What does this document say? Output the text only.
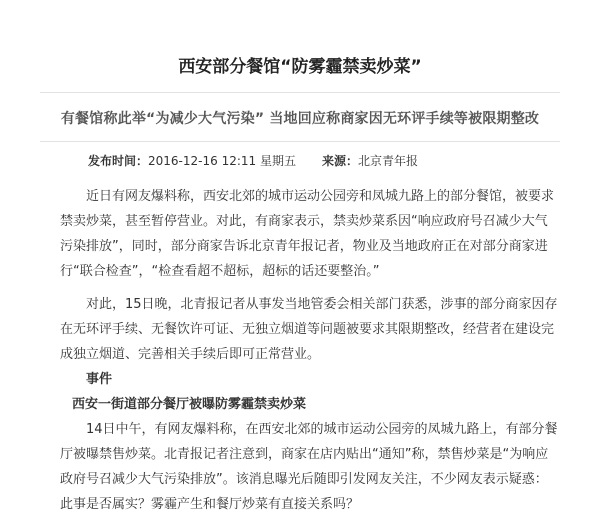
西安部分餐馆“防雾霾禁卖炒菜”
有餐馆称此举“为减少大气污染” 当地回应称商家因无环评手续等被限期整改
发布时间：2016-12-16 12:11 星期五 来源：北京青年报

近日有网友爆料称，西安北郊的城市运动公园旁和凤城九路上的部分餐馆，被要求禁卖炒菜，甚至暂停营业。对此，有商家表示，禁卖炒菜系因“响应政府号召减少大气污染排放”，同时，部分商家告诉北京青年报记者，物业及当地政府正在对部分商家进行“联合检查”，“检查看超不超标，超标的话还要整治。”

对此，15日晚，北青报记者从事发当地管委会相关部门获悉，涉事的部分商家因存在无环评手续、无餐饮许可证、无独立烟道等问题被要求其限期整改，经营者在建设完成独立烟道、完善相关手续后即可正常营业。

事件

西安一街道部分餐厅被曝防雾霾禁卖炒菜

14日中午，有网友爆料称，在西安北郊的城市运动公园旁的凤城九路上，有部分餐厅被曝禁售炒菜。北青报记者注意到，商家在店内贴出“通知”称，禁售炒菜是“为响应政府号召减少大气污染排放”。该消息曝光后随即引发网友关注，不少网友表示疑惑：此事是否属实？雾霾产生和餐厅炒菜有直接关系吗？
